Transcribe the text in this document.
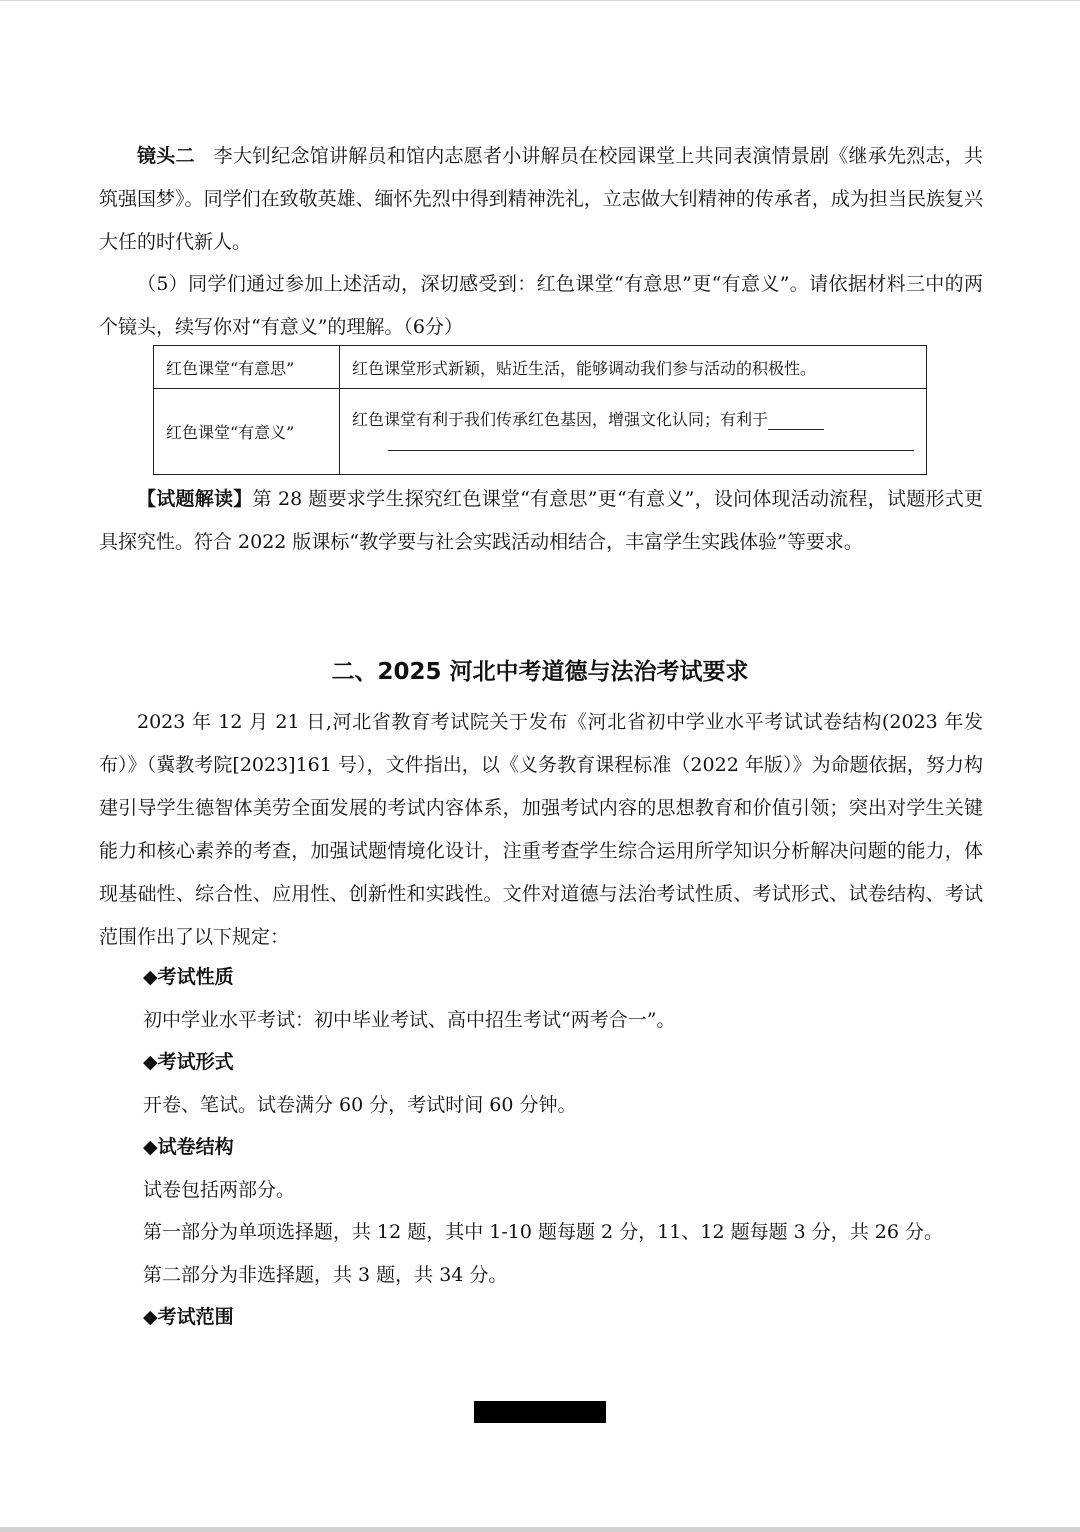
镜头二 李大钊纪念馆讲解员和馆内志愿者小讲解员在校园课堂上共同表演情景剧《继承先烈志，共筑强国梦》。同学们在致敬英雄、缅怀先烈中得到精神洗礼，立志做大钊精神的传承者，成为担当民族复兴大任的时代新人。

（5）同学们通过参加上述活动，深切感受到：红色课堂“有意思”更“有意义”。请依据材料三中的两个镜头，续写你对“有意义”的理解。（6分）

红色课堂“有意思”	红色课堂形式新颖，贴近生活，能够调动我们参与活动的积极性。
红色课堂“有意义”	红色课堂有利于我们传承红色基因，增强文化认同；有利于

【试题解读】第 28 题要求学生探究红色课堂“有意思”更“有意义”，设问体现活动流程，试题形式更具探究性。符合 2022 版课标“教学要与社会实践活动相结合，丰富学生实践体验”等要求。

二、2025 河北中考道德与法治考试要求

2023 年 12 月 21 日,河北省教育考试院关于发布《河北省初中学业水平考试试卷结构(2023 年发布）》（冀教考院[2023]161 号），文件指出，以《义务教育课程标准（2022 年版）》为命题依据，努力构建引导学生德智体美劳全面发展的考试内容体系，加强考试内容的思想教育和价值引领；突出对学生关键能力和核心素养的考查，加强试题情境化设计，注重考查学生综合运用所学知识分析解决问题的能力，体现基础性、综合性、应用性、创新性和实践性。文件对道德与法治考试性质、考试形式、试卷结构、考试范围作出了以下规定：

◆考试性质
初中学业水平考试：初中毕业考试、高中招生考试“两考合一”。
◆考试形式
开卷、笔试。试卷满分 60 分，考试时间 60 分钟。
◆试卷结构
试卷包括两部分。
第一部分为单项选择题，共 12 题，其中 1-10 题每题 2 分，11、12 题每题 3 分，共 26 分。
第二部分为非选择题，共 3 题，共 34 分。
◆考试范围
